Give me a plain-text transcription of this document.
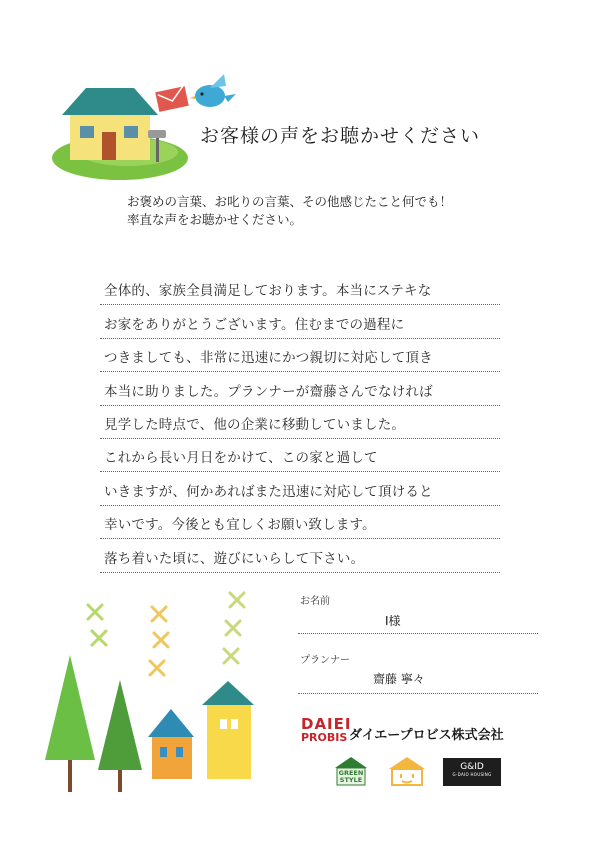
お客様の声をお聴かせください
お褒めの言葉、お叱りの言葉、その他感じたこと何でも！
率直な声をお聴かせください。
全体的、家族全員満足しております。本当にステキな
お家をありがとうございます。住むまでの過程に
つきましても、非常に迅速にかつ親切に対応して頂き
本当に助りました。プランナーが齋藤さんでなければ
見学した時点で、他の企業に移動していました。
これから長い月日をかけて、この家と過して
いきますが、何かあればまた迅速に対応して頂けると
幸いです。今後とも宜しくお願い致します。
落ち着いた頃に、遊びにいらして下さい。
お名前
I様
プランナー
齋藤 寧々
DAIEI
PROBIS ダイエープロビス株式会社
GREEN STYLE
G&ID
G-DAIO HOUSING
